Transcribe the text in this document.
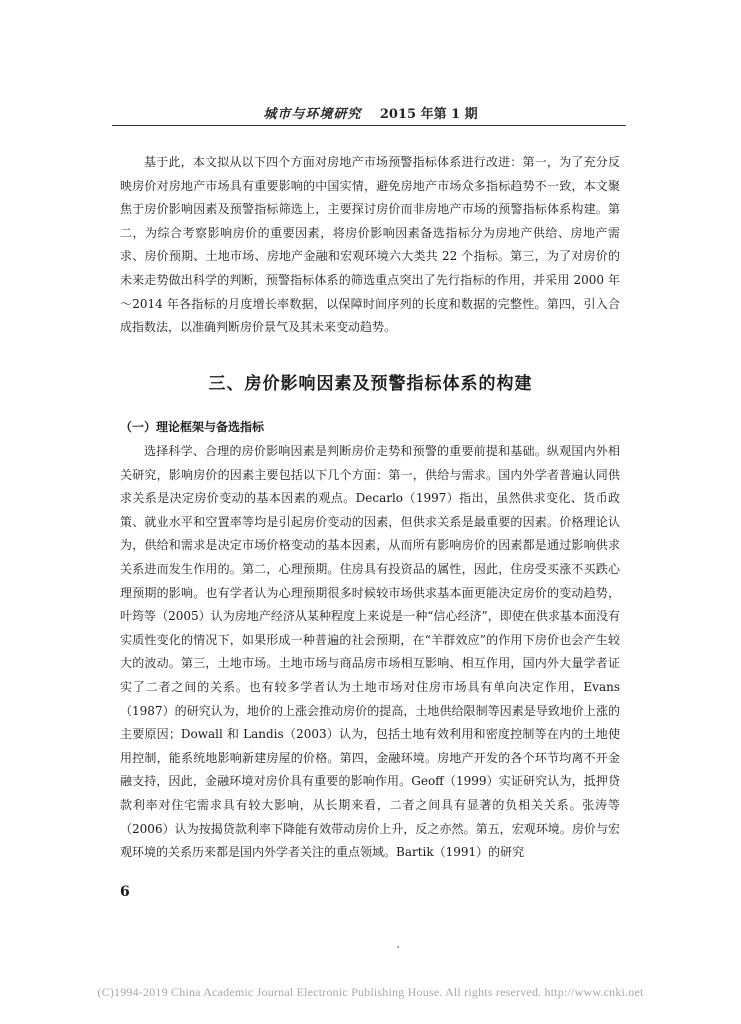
城市与环境研究 2015 年第 1 期

基于此，本文拟从以下四个方面对房地产市场预警指标体系进行改进：第一，为了充分反映房价对房地产市场具有重要影响的中国实情，避免房地产市场众多指标趋势不一致，本文聚焦于房价影响因素及预警指标筛选上，主要探讨房价而非房地产市场的预警指标体系构建。第二，为综合考察影响房价的重要因素，将房价影响因素备选指标分为房地产供给、房地产需求、房价预期、土地市场、房地产金融和宏观环境六大类共 22 个指标。第三，为了对房价的未来走势做出科学的判断，预警指标体系的筛选重点突出了先行指标的作用，并采用 2000 年～2014 年各指标的月度增长率数据，以保障时间序列的长度和数据的完整性。第四，引入合成指数法，以准确判断房价景气及其未来变动趋势。

三、房价影响因素及预警指标体系的构建
（一）理论框架与备选指标

选择科学、合理的房价影响因素是判断房价走势和预警的重要前提和基础。纵观国内外相关研究，影响房价的因素主要包括以下几个方面：第一，供给与需求。国内外学者普遍认同供求关系是决定房价变动的基本因素的观点。Decarlo（1997）指出，虽然供求变化、货币政策、就业水平和空置率等均是引起房价变动的因素，但供求关系是最重要的因素。价格理论认为，供给和需求是决定市场价格变动的基本因素，从而所有影响房价的因素都是通过影响供求关系进而发生作用的。第二，心理预期。住房具有投资品的属性，因此，住房受买涨不买跌心理预期的影响。也有学者认为心理预期很多时候较市场供求基本面更能决定房价的变动趋势，叶筠等（2005）认为房地产经济从某种程度上来说是一种“信心经济”，即使在供求基本面没有实质性变化的情况下，如果形成一种普遍的社会预期，在“羊群效应”的作用下房价也会产生较大的波动。第三，土地市场。土地市场与商品房市场相互影响、相互作用，国内外大量学者证实了二者之间的关系。也有较多学者认为土地市场对住房市场具有单向决定作用，Evans（1987）的研究认为，地价的上涨会推动房价的提高，土地供给限制等因素是导致地价上涨的主要原因；Dowall 和 Landis（2003）认为，包括土地有效利用和密度控制等在内的土地使用控制，能系统地影响新建房屋的价格。第四，金融环境。房地产开发的各个环节均离不开金融支持，因此，金融环境对房价具有重要的影响作用。Geoff（1999）实证研究认为，抵押贷款利率对住宅需求具有较大影响，从长期来看，二者之间具有显著的负相关关系。张涛等（2006）认为按揭贷款利率下降能有效带动房价上升，反之亦然。第五，宏观环境。房价与宏观环境的关系历来都是国内外学者关注的重点领域。Bartik（1991）的研究

6
(C)1994-2019 China Academic Journal Electronic Publishing House. All rights reserved. http://www.cnki.net
